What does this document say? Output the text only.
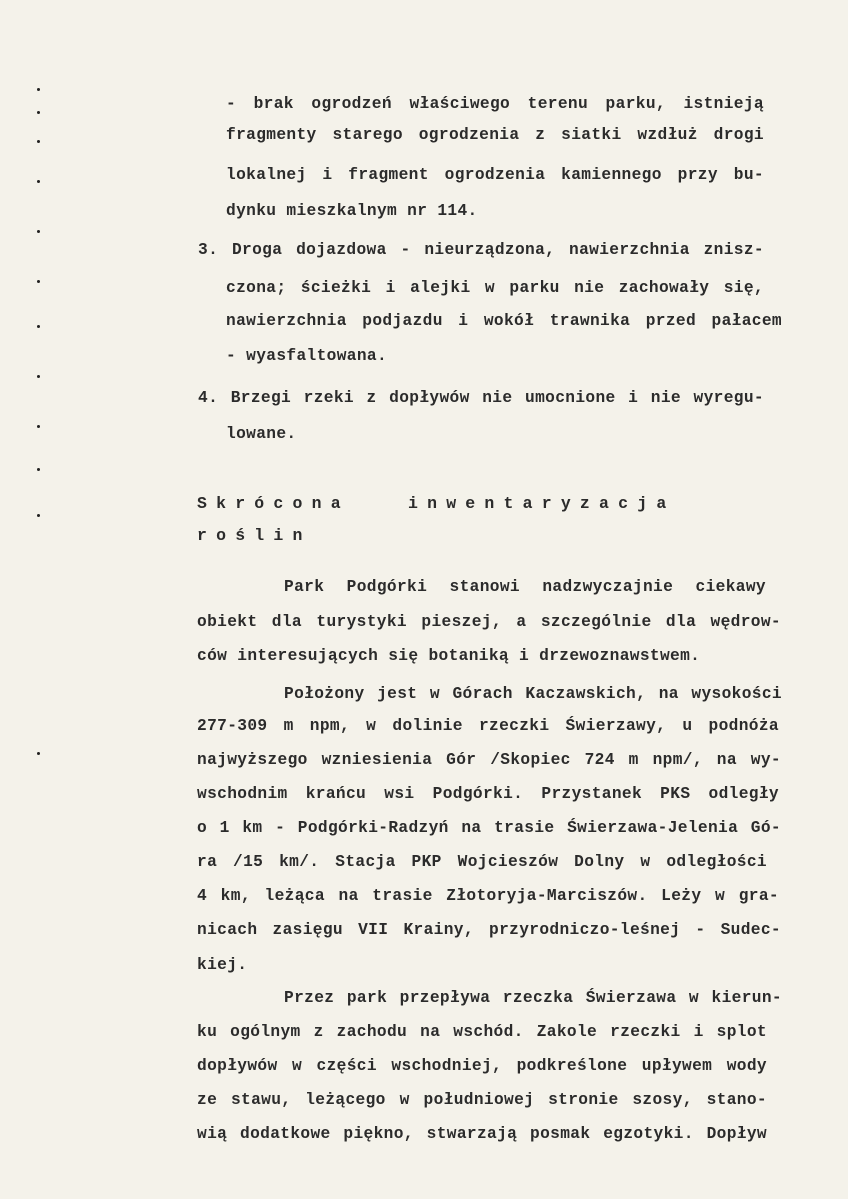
- brak ogrodzeń właściwego terenu parku, istnieją
fragmenty starego ogrodzenia z siatki wzdłuż drogi
lokalnej i fragment ogrodzenia kamiennego przy bu-
dynku mieszkalnym nr 114.
3. Droga dojazdowa - nieurządzona, nawierzchnia znisz-
czona; ścieżki i alejki w parku nie zachowały się,
nawierzchnia podjazdu i wokół trawnika przed pałacem
- wyasfaltowana.
4. Brzegi rzeki z dopływów nie umocnione i nie wyregu-
lowane.
Skrócona	inwentaryzacja
roślin
Park Podgórki stanowi nadzwyczajnie ciekawy
obiekt dla turystyki pieszej, a szczególnie dla wędrow-
ców interesujących się botaniką i drzewoznawstwem.
Położony jest w Górach Kaczawskich, na wysokości
277-309 m npm, w dolinie rzeczki Świerzawy, u podnóża
najwyższego wzniesienia Gór /Skopiec 724 m npm/, na wy-
wschodnim krańcu wsi Podgórki. Przystanek PKS odległy
o 1 km - Podgórki-Radzyń na trasie Świerzawa-Jelenia Gó-
ra /15 km/. Stacja PKP Wojcieszów Dolny w odległości
4 km, leżąca na trasie Złotoryja-Marciszów. Leży w gra-
nicach zasięgu VII Krainy, przyrodniczo-leśnej - Sudec-
kiej.
Przez park przepływa rzeczka Świerzawa w kierun-
ku ogólnym z zachodu na wschód. Zakole rzeczki i splot
dopływów w części wschodniej, podkreślone upływem wody
ze stawu, leżącego w południowej stronie szosy, stano-
wią dodatkowe piękno, stwarzają posmak egzotyki. Dopływ
